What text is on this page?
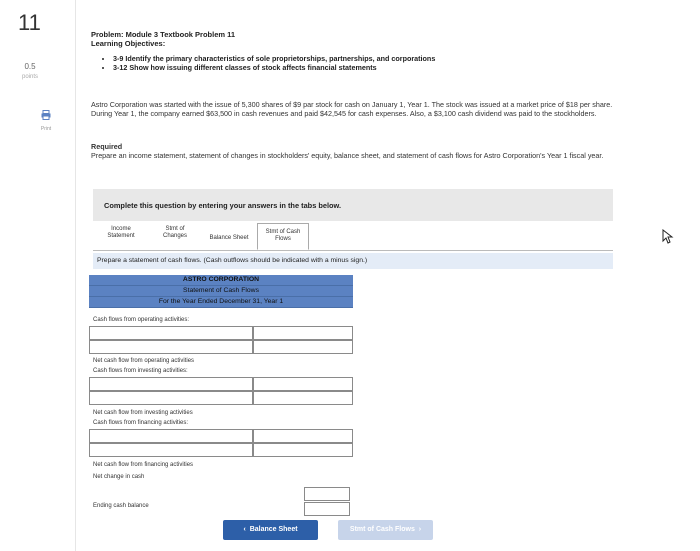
11
0.5
points
Print
Problem: Module 3 Textbook Problem 11
Learning Objectives:
• 3-9 Identify the primary characteristics of sole proprietorships, partnerships, and corporations
• 3-12 Show how issuing different classes of stock affects financial statements
Astro Corporation was started with the issue of 5,300 shares of $9 par stock for cash on January 1, Year 1. The stock was issued at a market price of $18 per share. During Year 1, the company earned $63,500 in cash revenues and paid $42,545 for cash expenses. Also, a $3,100 cash dividend was paid to the stockholders.
Required
Prepare an income statement, statement of changes in stockholders' equity, balance sheet, and statement of cash flows for Astro Corporation's Year 1 fiscal year.
Complete this question by entering your answers in the tabs below.
Income
Statement
Stmt of
Changes	Balance Sheet
Stmt of Cash
Flows
Prepare a statement of cash flows. (Cash outflows should be indicated with a minus sign.)
ASTRO CORPORATION
Statement of Cash Flows
For the Year Ended December 31, Year 1
Cash flows from operating activities:
Net cash flow from operating activities
Cash flows from investing activities:
Net cash flow from investing activities
Cash flows from financing activities:
Net cash flow from financing activities
Net change in cash
Ending cash balance
‹ Balance Sheet	Stmt of Cash Flows ›
